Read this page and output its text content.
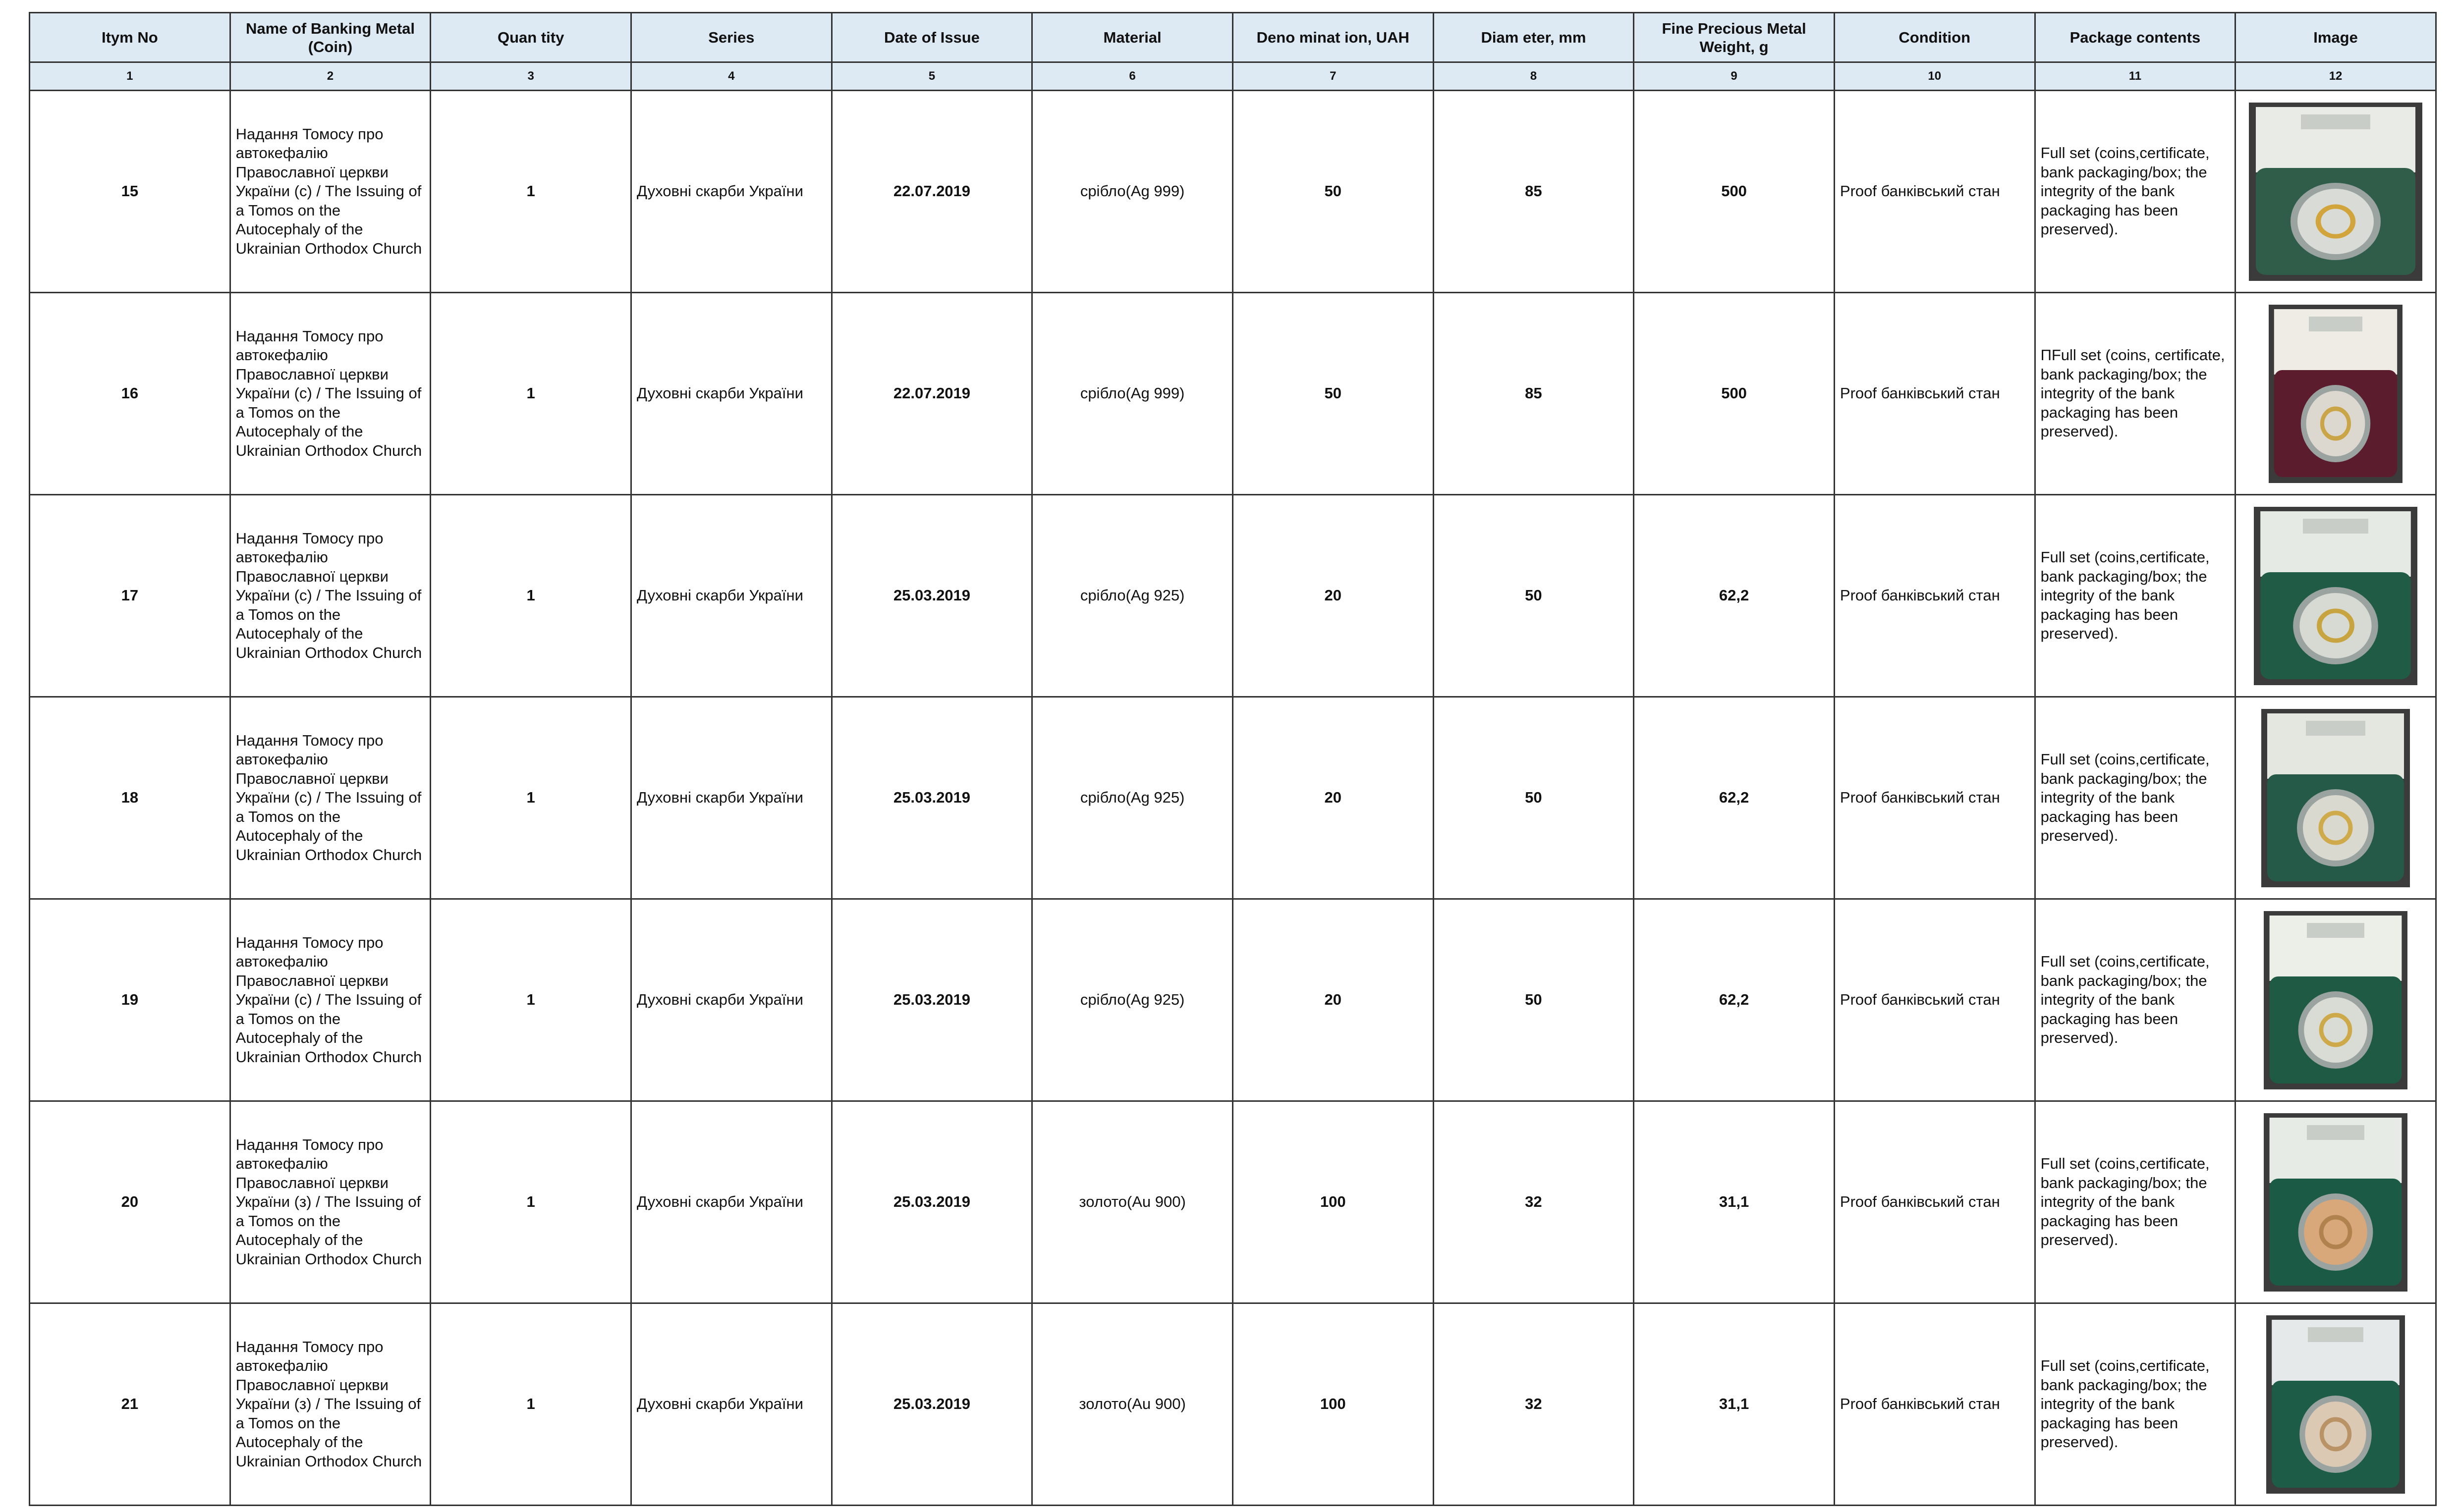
Itym No	Name of Banking Metal (Coin)	Quan tity	Series	Date of Issue	Material	Deno minat ion, UAH	Diam eter, mm	Fine Precious Metal Weight, g	Condition	Package contents	Image
1	2	3	4	5	6	7	8	9	10	11	12
15	Надання Томосу про автокефалію Православної церкви України (с) / The Issuing of a Tomos on the Autocephaly of the Ukrainian Orthodox Church	1	Духовні скарби України	22.07.2019	срібло(Ag 999)	50	85	500	Proof банківський стан	Full set (coins,certificate, bank packaging/box; the integrity of the bank packaging has been preserved).	

16	Надання Томосу про автокефалію Православної церкви України (с) / The Issuing of a Tomos on the Autocephaly of the Ukrainian Orthodox Church	1	Духовні скарби України	22.07.2019	срібло(Ag 999)	50	85	500	Proof банківський стан	ПFull set (coins, certificate, bank packaging/box; the integrity of the bank packaging has been preserved).	

17	Надання Томосу про автокефалію Православної церкви України (с) / The Issuing of a Tomos on the Autocephaly of the Ukrainian Orthodox Church	1	Духовні скарби України	25.03.2019	срібло(Ag 925)	20	50	62,2	Proof банківський стан	Full set (coins,certificate, bank packaging/box; the integrity of the bank packaging has been preserved).	

18	Надання Томосу про автокефалію Православної церкви України (с) / The Issuing of a Tomos on the Autocephaly of the Ukrainian Orthodox Church	1	Духовні скарби України	25.03.2019	срібло(Ag 925)	20	50	62,2	Proof банківський стан	Full set (coins,certificate, bank packaging/box; the integrity of the bank packaging has been preserved).	

19	Надання Томосу про автокефалію Православної церкви України (с) / The Issuing of a Tomos on the Autocephaly of the Ukrainian Orthodox Church	1	Духовні скарби України	25.03.2019	срібло(Ag 925)	20	50	62,2	Proof банківський стан	Full set (coins,certificate, bank packaging/box; the integrity of the bank packaging has been preserved).	

20	Надання Томосу про автокефалію Православної церкви України (з) / The Issuing of a Tomos on the Autocephaly of the Ukrainian Orthodox Church	1	Духовні скарби України	25.03.2019	золото(Au 900)	100	32	31,1	Proof банківський стан	Full set (coins,certificate, bank packaging/box; the integrity of the bank packaging has been preserved).	

21	Надання Томосу про автокефалію Православної церкви України (з) / The Issuing of a Tomos on the Autocephaly of the Ukrainian Orthodox Church	1	Духовні скарби України	25.03.2019	золото(Au 900)	100	32	31,1	Proof банківський стан	Full set (coins,certificate, bank packaging/box; the integrity of the bank packaging has been preserved).	
